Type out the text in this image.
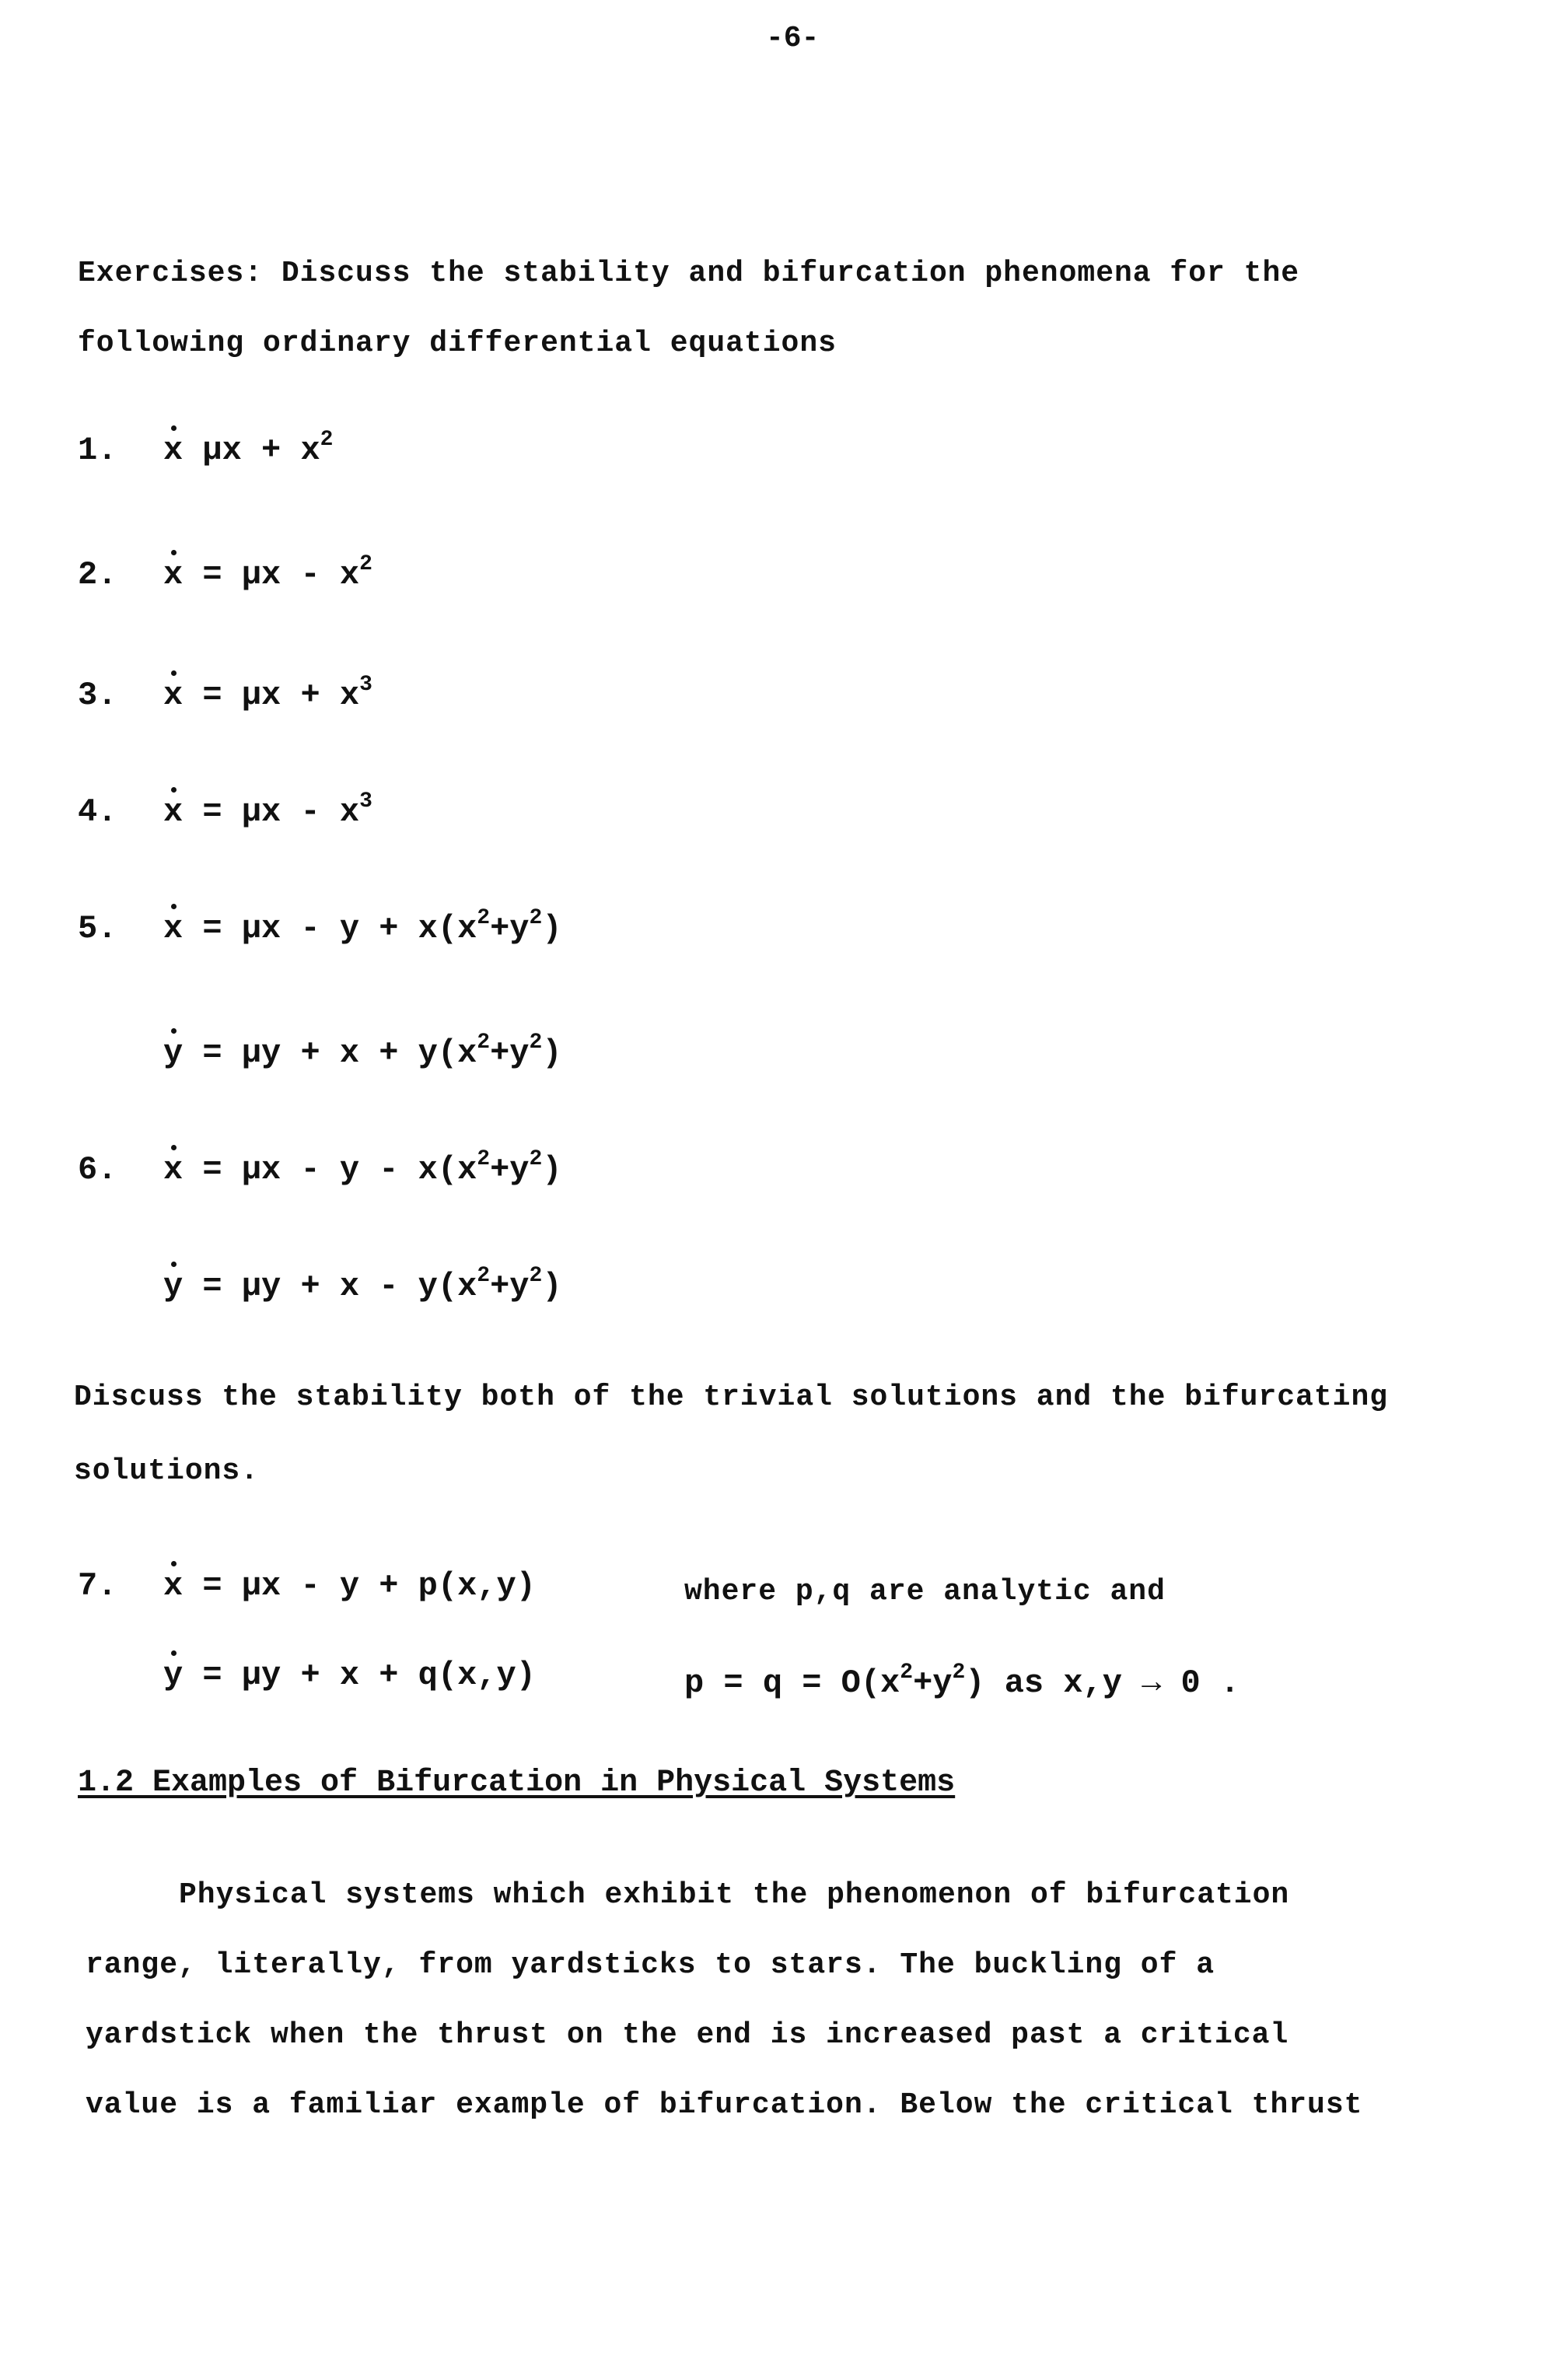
-6-
Exercises: Discuss the stability and bifurcation phenomena for the
following ordinary differential equations
1. x $\mu x + x^2$
2. $x = \mu x - x^2$
3. $x = \mu x + x^3$
4. $x = \mu x - x^3$
5. $x = \mu x - y + x(x^2+y^2)$
$y = \mu y + x + y(x^2+y^2)$
6. $x = \mu x - y - x(x^2+y^2)$
$y = \mu y + x - y(x^2+y^2)$
Discuss the stability both of the trivial solutions and the bifurcating
solutions.
7. x = μx - y + p(x,y)	where p,q are analytic and
y = μy + x + q(x,y)	$p = q = O(x^2+y^2)$ as x,y → 0 .
1.2 Examples of Bifurcation in Physical Systems
Physical systems which exhibit the phenomenon of bifurcation
range, literally, from yardsticks to stars. The buckling of a
yardstick when the thrust on the end is increased past a critical
value is a familiar example of bifurcation. Below the critical thrust
